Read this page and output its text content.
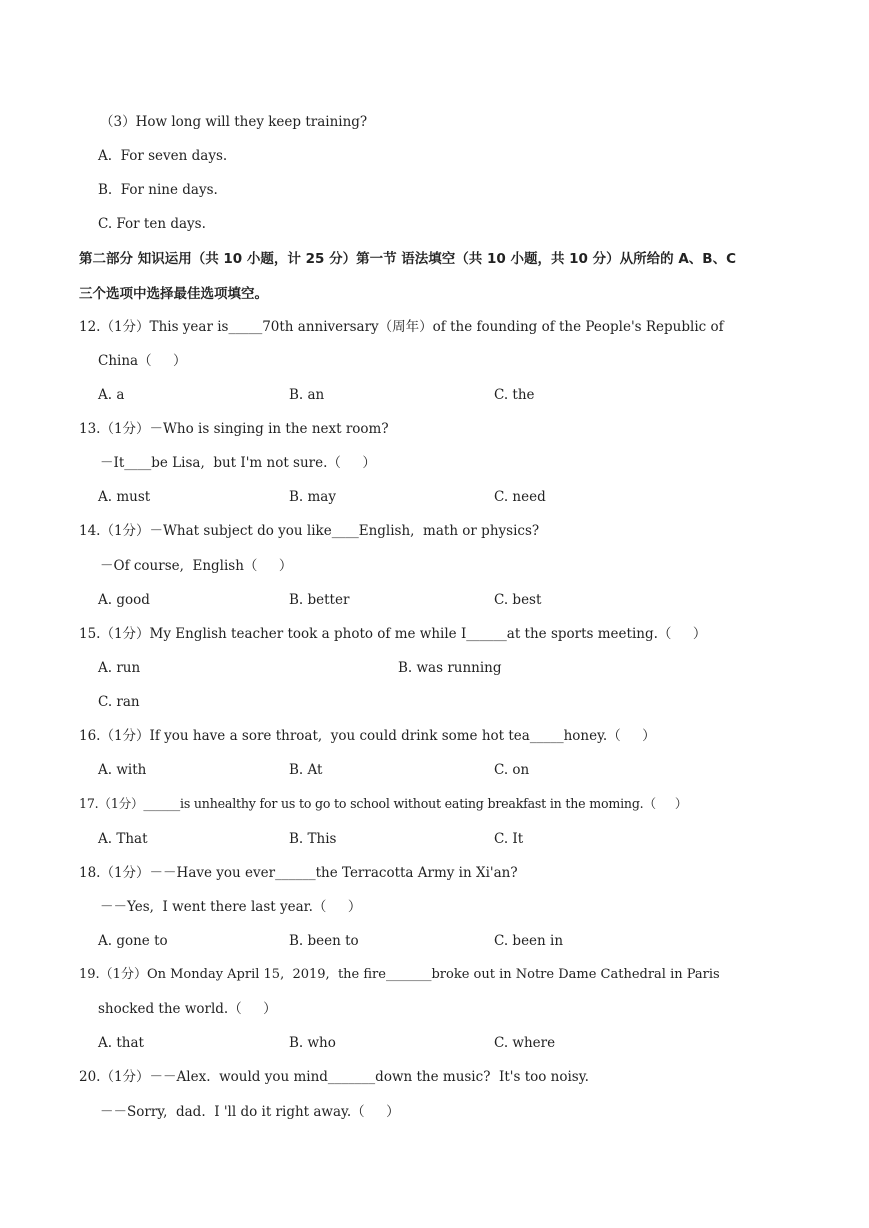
（3）How long will they keep training?
A.  For seven days.
B.  For nine days.
C. For ten days.
第二部分 知识运用（共 10 小题，计 25 分）第一节 语法填空（共 10 小题，共 10 分）从所给的 A、B、C
三个选项中选择最佳选项填空。
12.（1分）This year is_____70th anniversary（周年）of the founding of the People's Republic of
China（     ）
A. a	B. an	C. the
13.（1分）－Who is singing in the next room?
－It____be Lisa,  but I'm not sure.（     ）
A. must	B. may	C. need
14.（1分）－What subject do you like____English,  math or physics?
－Of course,  English（     ）
A. good	B. better	C. best
15.（1分）My English teacher took a photo of me while I______at the sports meeting.（     ）
A. run	B. was running
C. ran
16.（1分）If you have a sore throat,  you could drink some hot tea_____honey.（     ）
A. with	B. At	C. on
17.（1分）______is unhealthy for us to go to school without eating breakfast in the moming.（     ）
A. That	B. This	C. It
18.（1分）－－Have you ever______the Terracotta Army in Xi'an?
－－Yes,  I went there last year.（     ）
A. gone to	B. been to	C. been in
19.（1分）On Monday April 15,  2019,  the fire_______broke out in Notre Dame Cathedral in Paris
shocked the world.（     ）
A. that	B. who	C. where
20.（1分）－－Alex.  would you mind_______down the music?  It's too noisy.
－－Sorry,  dad.  I 'll do it right away.（     ）
